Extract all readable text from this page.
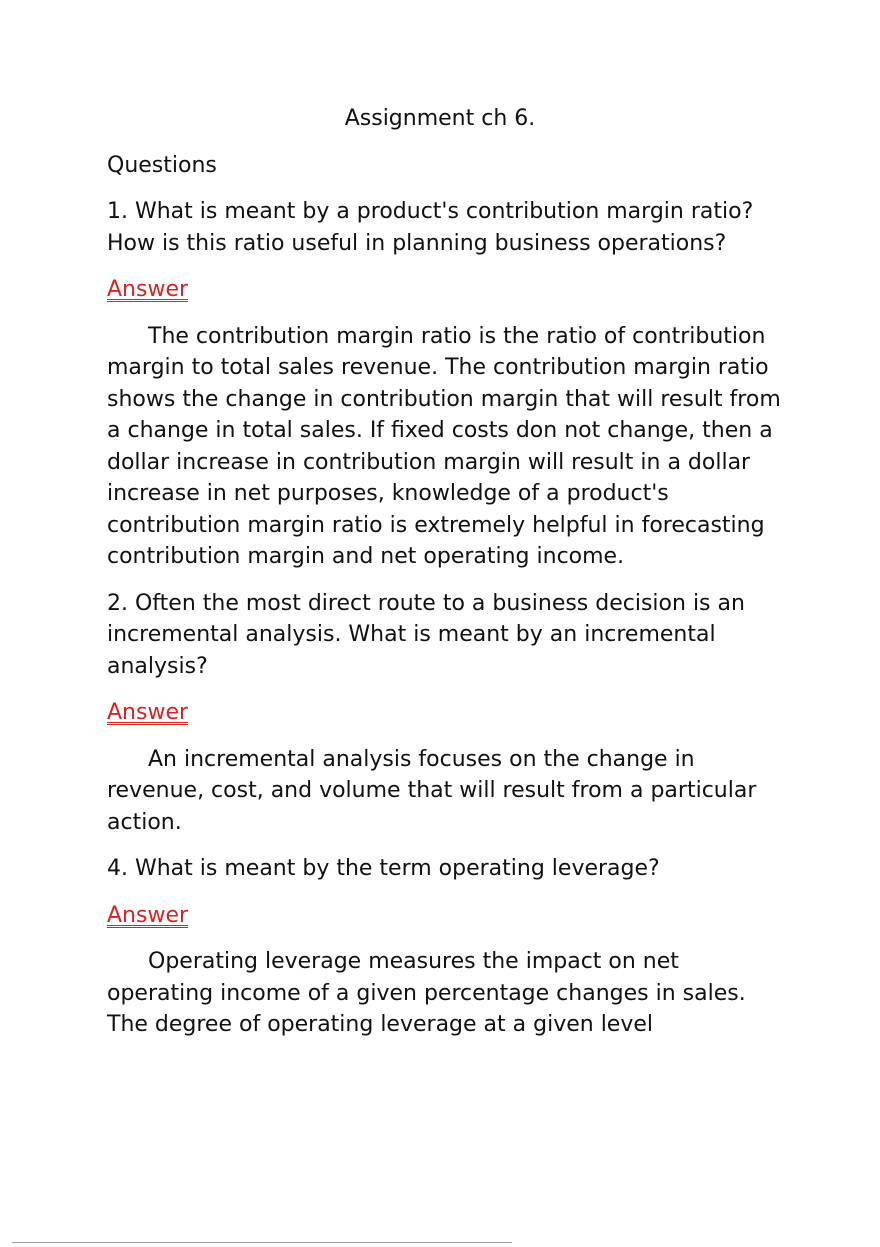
Assignment ch 6.
Questions
1. What is meant by a product's contribution margin ratio? How is this ratio useful in planning business operations?
Answer
The contribution margin ratio is the ratio of contribution margin to total sales revenue. The contribution margin ratio shows the change in contribution margin that will result from a change in total sales. If fixed costs don not change, then a dollar increase in contribution margin will result in a dollar increase in net purposes, knowledge of a product's contribution margin ratio is extremely helpful in forecasting contribution margin and net operating income.
2. Often the most direct route to a business decision is an incremental analysis. What is meant by an incremental analysis?
Answer
An incremental analysis focuses on the change in revenue, cost, and volume that will result from a particular action.
4. What is meant by the term operating leverage?
Answer
Operating leverage measures the impact on net operating income of a given percentage changes in sales. The degree of operating leverage at a given level
